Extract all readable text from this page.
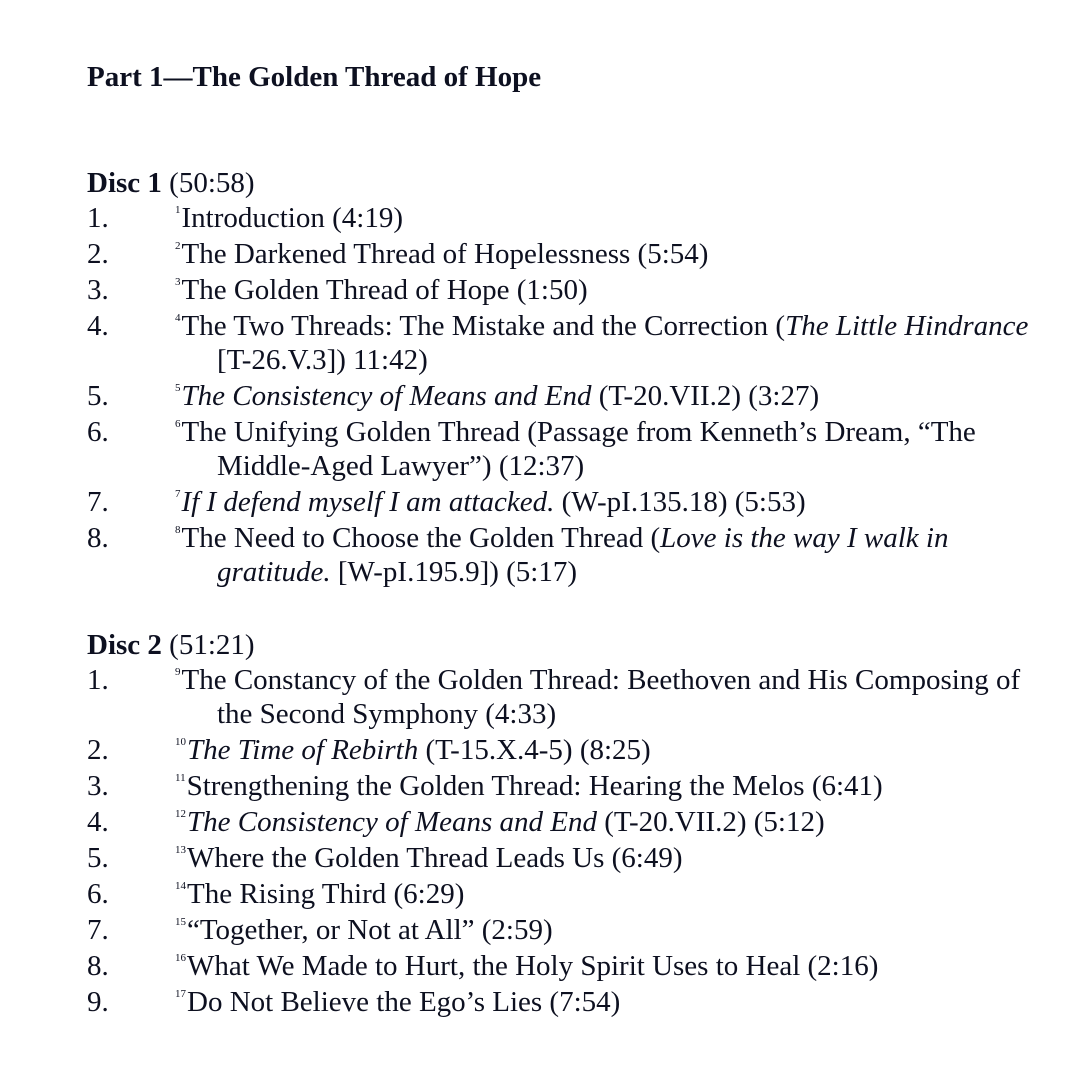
Part 1—The Golden Thread of Hope
Disc 1 (50:58)
1.	$^1$Introduction (4:19)
2.	$^2$The Darkened Thread of Hopelessness (5:54)
3.	$^3$The Golden Thread of Hope (1:50)
4.	$^4$The Two Threads: The Mistake and the Correction (The Little Hindrance [T-26.V.3]) 11:42)
5.	$^5$The Consistency of Means and End (T-20.VII.2) (3:27)
6.	$^6$The Unifying Golden Thread (Passage from Kenneth’s Dream, “The Middle-Aged Lawyer”) (12:37)
7.	$^7$If I defend myself I am attacked. (W-pI.135.18) (5:53)
8.	$^8$The Need to Choose the Golden Thread (Love is the way I walk in gratitude. [W-pI.195.9]) (5:17)
Disc 2 (51:21)
1.	$^9$The Constancy of the Golden Thread: Beethoven and His Composing of the Second Symphony (4:33)
2.	$^{10}$The Time of Rebirth (T-15.X.4-5) (8:25)
3.	$^{11}$Strengthening the Golden Thread: Hearing the Melos (6:41)
4.	$^{12}$The Consistency of Means and End (T-20.VII.2) (5:12)
5.	$^{13}$Where the Golden Thread Leads Us (6:49)
6.	$^{14}$The Rising Third (6:29)
7.	$^{15}$“Together, or Not at All” (2:59)
8.	$^{16}$What We Made to Hurt, the Holy Spirit Uses to Heal (2:16)
9.	$^{17}$Do Not Believe the Ego’s Lies (7:54)
